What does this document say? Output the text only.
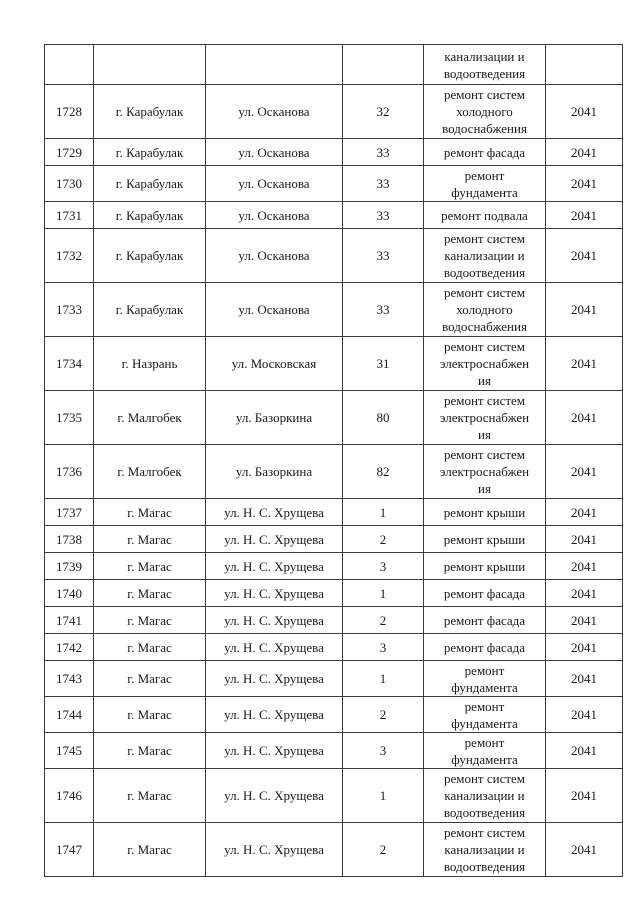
				канализации и
водоотведения	

1728	г. Карабулак	ул. Осканова	32	ремонт систем
холодного
водоснабжения	2041
1729	г. Карабулак	ул. Осканова	33	ремонт фасада	2041
1730	г. Карабулак	ул. Осканова	33	ремонт
фундамента	2041
1731	г. Карабулак	ул. Осканова	33	ремонт подвала	2041
1732	г. Карабулак	ул. Осканова	33	ремонт систем
канализации и
водоотведения	2041
1733	г. Карабулак	ул. Осканова	33	ремонт систем
холодного
водоснабжения	2041
1734	г. Назрань	ул. Московская	31	ремонт систем
электроснабжен
ия	2041
1735	г. Малгобек	ул. Базоркина	80	ремонт систем
электроснабжен
ия	2041
1736	г. Малгобек	ул. Базоркина	82	ремонт систем
электроснабжен
ия	2041
1737	г. Магас	ул. Н. С. Хрущева	1	ремонт крыши	2041
1738	г. Магас	ул. Н. С. Хрущева	2	ремонт крыши	2041
1739	г. Магас	ул. Н. С. Хрущева	3	ремонт крыши	2041
1740	г. Магас	ул. Н. С. Хрущева	1	ремонт фасада	2041
1741	г. Магас	ул. Н. С. Хрущева	2	ремонт фасада	2041
1742	г. Магас	ул. Н. С. Хрущева	3	ремонт фасада	2041
1743	г. Магас	ул. Н. С. Хрущева	1	ремонт
фундамента	2041
1744	г. Магас	ул. Н. С. Хрущева	2	ремонт
фундамента	2041
1745	г. Магас	ул. Н. С. Хрущева	3	ремонт
фундамента	2041
1746	г. Магас	ул. Н. С. Хрущева	1	ремонт систем
канализации и
водоотведения	2041
1747	г. Магас	ул. Н. С. Хрущева	2	ремонт систем
канализации и
водоотведения	2041
